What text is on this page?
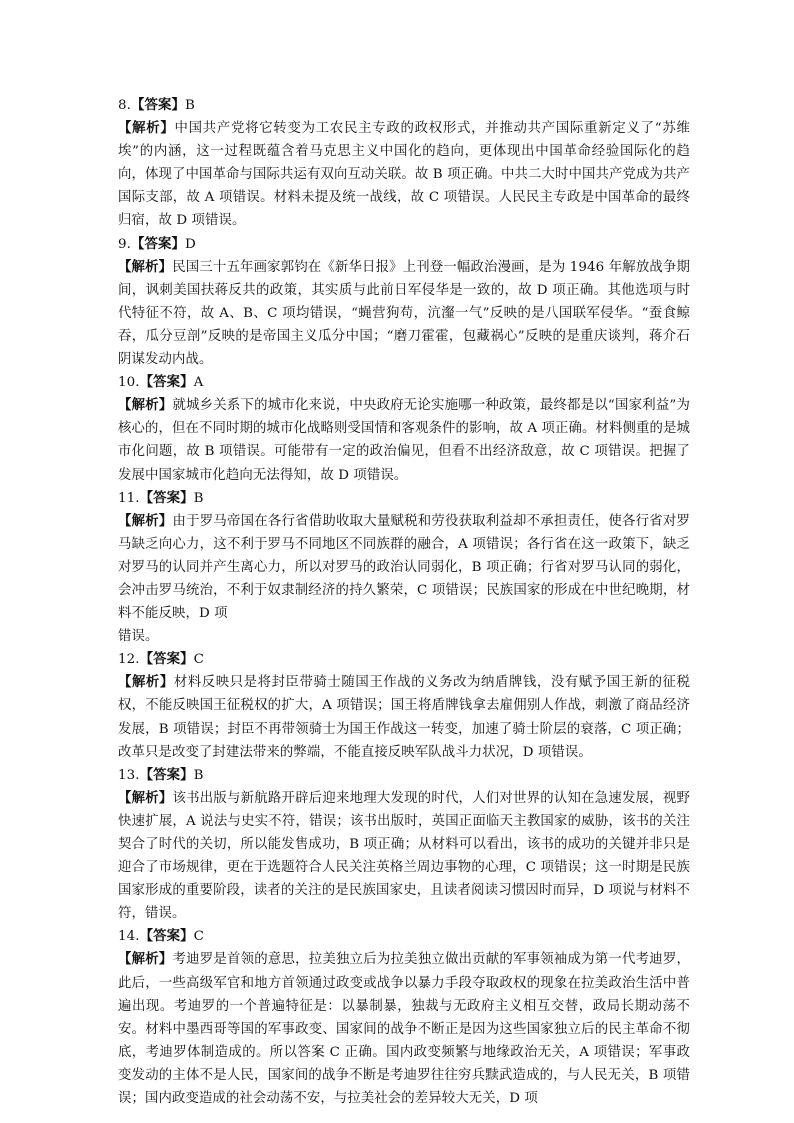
8.【答案】B

【解析】中国共产党将它转变为工农民主专政的政权形式，并推动共产国际重新定义了“苏维埃”的内涵，这一过程既蕴含着马克思主义中国化的趋向，更体现出中国革命经验国际化的趋向，体现了中国革命与国际共运有双向互动关联。故 B 项正确。中共二大时中国共产党成为共产国际支部，故 A 项错误。材料未提及统一战线，故 C 项错误。人民民主专政是中国革命的最终归宿，故 D 项错误。

9.【答案】D

【解析】民国三十五年画家郭钧在《新华日报》上刊登一幅政治漫画，是为 1946 年解放战争期间，讽刺美国扶蒋反共的政策，其实质与此前日军侵华是一致的，故 D 项正确。其他选项与时代特征不符，故 A、B、C 项均错误，“蝇营狗苟，沆瀣一气”反映的是八国联军侵华。“蚕食鲸吞，瓜分豆剖”反映的是帝国主义瓜分中国；“磨刀霍霍，包藏祸心”反映的是重庆谈判，蒋介石阴谋发动内战。

10.【答案】A

【解析】就城乡关系下的城市化来说，中央政府无论实施哪一种政策，最终都是以“国家利益”为核心的，但在不同时期的城市化战略则受国情和客观条件的影响，故 A 项正确。材料侧重的是城市化问题，故 B 项错误。可能带有一定的政治偏见，但看不出经济敌意，故 C 项错误。把握了发展中国家城市化趋向无法得知，故 D 项错误。

11.【答案】B

【解析】由于罗马帝国在各行省借助收取大量赋税和劳役获取利益却不承担责任，使各行省对罗马缺乏向心力，这不利于罗马不同地区不同族群的融合，A 项错误；各行省在这一政策下，缺乏对罗马的认同并产生离心力，所以对罗马的政治认同弱化，B 项正确；行省对罗马认同的弱化，会冲击罗马统治，不利于奴隶制经济的持久繁荣，C 项错误；民族国家的形成在中世纪晚期，材料不能反映，D 项
错误。

12.【答案】C

【解析】材料反映只是将封臣带骑士随国王作战的义务改为纳盾牌钱，没有赋予国王新的征税权，不能反映国王征税权的扩大，A 项错误；国王将盾牌钱拿去雇佣别人作战，刺激了商品经济发展，B 项错误；封臣不再带领骑士为国王作战这一转变，加速了骑士阶层的衰落，C 项正确；改革只是改变了封建法带来的弊端，不能直接反映军队战斗力状况，D 项错误。

13.【答案】B

【解析】该书出版与新航路开辟后迎来地理大发现的时代，人们对世界的认知在急速发展，视野快速扩展，A 说法与史实不符，错误；该书出版时，英国正面临天主教国家的威胁，该书的关注契合了时代的关切，所以能发售成功，B 项正确；从材料可以看出，该书的成功的关键并非只是迎合了市场规律，更在于选题符合人民关注英格兰周边事物的心理，C 项错误；这一时期是民族国家形成的重要阶段，读者的关注的是民族国家史，且读者阅读习惯因时而异，D 项说与材料不符，错误。

14.【答案】C

【解析】考迪罗是首领的意思，拉美独立后为拉美独立做出贡献的军事领袖成为第一代考迪罗，此后，一些高级军官和地方首领通过政变或战争以暴力手段夺取政权的现象在拉美政治生活中普遍出现。考迪罗的一个普遍特征是：以暴制暴，独裁与无政府主义相互交替，政局长期动荡不安。材料中墨西哥等国的军事政变、国家间的战争不断正是因为这些国家独立后的民主革命不彻底，考迪罗体制造成的。所以答案 C 正确。国内政变频繁与地缘政治无关，A 项错误；军事政变发动的主体不是人民，国家间的战争不断是考迪罗往往穷兵黩武造成的，与人民无关，B 项错误；国内政变造成的社会动荡不安，与拉美社会的差异较大无关，D 项
